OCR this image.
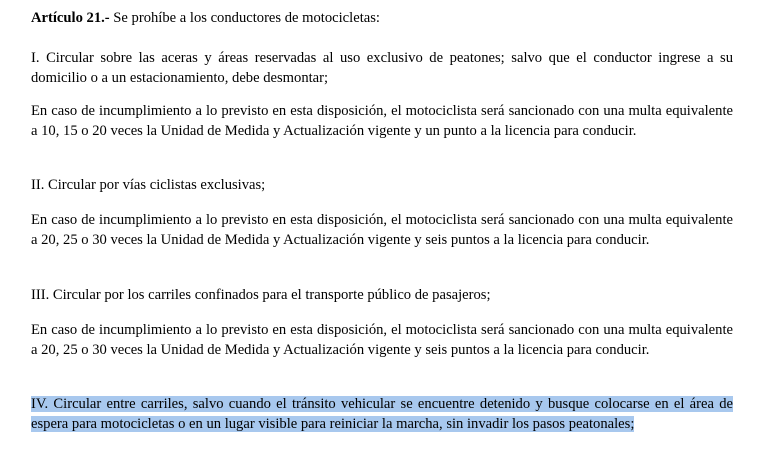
Artículo 21.- Se prohíbe a los conductores de motocicletas:

I. Circular sobre las aceras y áreas reservadas al uso exclusivo de peatones; salvo que el conductor ingrese a su domicilio o a un estacionamiento, debe desmontar;

En caso de incumplimiento a lo previsto en esta disposición, el motociclista será sancionado con una multa equivalente a 10, 15 o 20 veces la Unidad de Medida y Actualización vigente y un punto a la licencia para conducir.

II. Circular por vías ciclistas exclusivas;

En caso de incumplimiento a lo previsto en esta disposición, el motociclista será sancionado con una multa equivalente a 20, 25 o 30 veces la Unidad de Medida y Actualización vigente y seis puntos a la licencia para conducir.

III. Circular por los carriles confinados para el transporte público de pasajeros;

En caso de incumplimiento a lo previsto en esta disposición, el motociclista será sancionado con una multa equivalente a 20, 25 o 30 veces la Unidad de Medida y Actualización vigente y seis puntos a la licencia para conducir.

IV. Circular entre carriles, salvo cuando el tránsito vehicular se encuentre detenido y busque colocarse en el área de espera para motocicletas o en un lugar visible para reiniciar la marcha, sin invadir los pasos peatonales;
